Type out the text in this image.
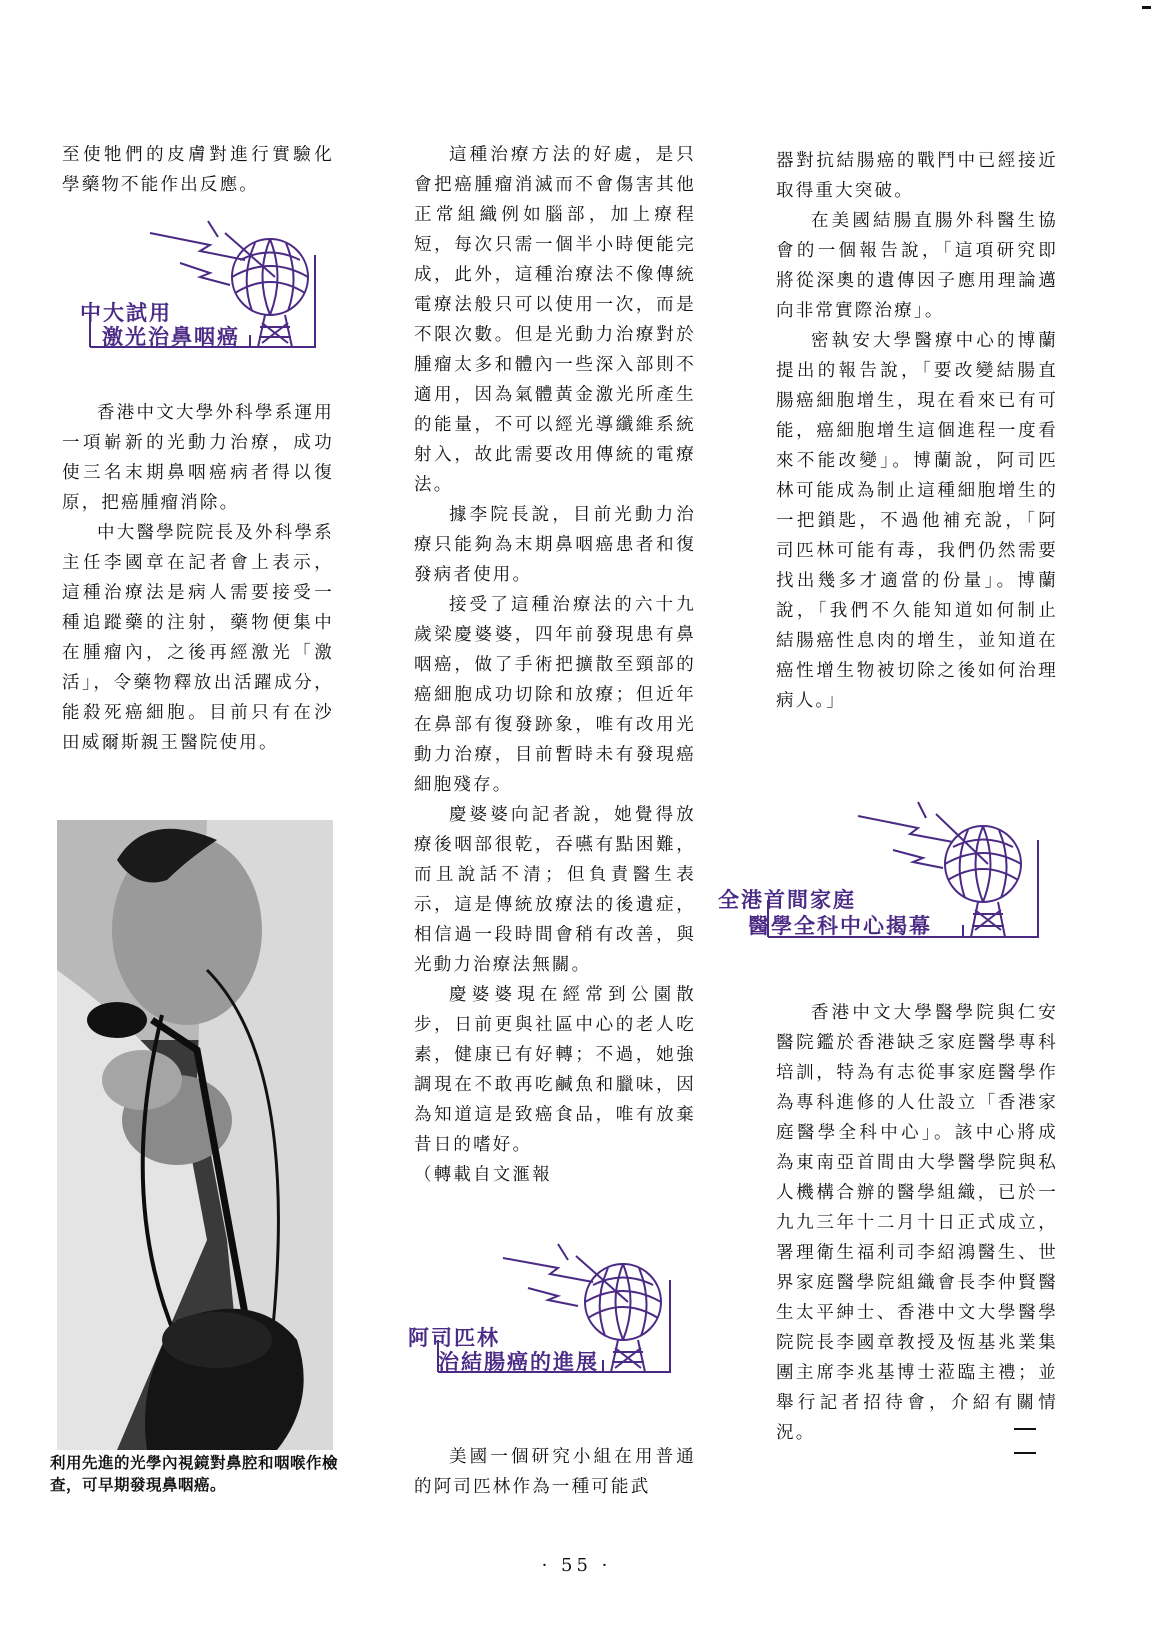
至使牠們的皮膚對進行實驗化學藥物不能作出反應。

中大試用
激光治鼻咽癌

香港中文大學外科學系運用一項嶄新的光動力治療，成功使三名末期鼻咽癌病者得以復原，把癌腫瘤消除。

中大醫學院院長及外科學系主任李國章在記者會上表示，這種治療法是病人需要接受一種追蹤藥的注射，藥物便集中在腫瘤內，之後再經激光「激活」，令藥物釋放出活躍成分，能殺死癌細胞。目前只有在沙田威爾斯親王醫院使用。

利用先進的光學內視鏡對鼻腔和咽喉作檢查，可早期發現鼻咽癌。

這種治療方法的好處，是只會把癌腫瘤消滅而不會傷害其他正常組織例如腦部，加上療程短，每次只需一個半小時便能完成，此外，這種治療法不像傳統電療法般只可以使用一次，而是不限次數。但是光動力治療對於腫瘤太多和體內一些深入部則不適用，因為氣體黃金激光所產生的能量，不可以經光導纖維系統射入，故此需要改用傳統的電療法。

據李院長說，目前光動力治療只能夠為末期鼻咽癌患者和復發病者使用。

接受了這種治療法的六十九歲梁慶婆婆，四年前發現患有鼻咽癌，做了手術把擴散至頸部的癌細胞成功切除和放療；但近年在鼻部有復發跡象，唯有改用光動力治療，目前暫時未有發現癌細胞殘存。

慶婆婆向記者說，她覺得放療後咽部很乾，吞嚥有點困難，而且說話不清；但負責醫生表示，這是傳統放療法的後遺症，相信過一段時間會稍有改善，與光動力治療法無關。

慶婆婆現在經常到公園散步，日前更與社區中心的老人吃素，健康已有好轉；不過，她強調現在不敢再吃鹹魚和臘味，因為知道這是致癌食品，唯有放棄昔日的嗜好。

（轉載自文滙報

阿司匹林
治結腸癌的進展

美國一個研究小組在用普通的阿司匹林作為一種可能武

器對抗結腸癌的戰鬥中已經接近取得重大突破。

在美國結腸直腸外科醫生協會的一個報告說，「這項研究即將從深奧的遺傳因子應用理論邁向非常實際治療」。

密執安大學醫療中心的博蘭提出的報告說，「要改變結腸直腸癌細胞增生，現在看來已有可能，癌細胞增生這個進程一度看來不能改變」。博蘭說，阿司匹林可能成為制止這種細胞增生的一把鎖匙，不過他補充說，「阿司匹林可能有毒，我們仍然需要找出幾多才適當的份量」。博蘭說，「我們不久能知道如何制止結腸癌性息肉的增生，並知道在癌性增生物被切除之後如何治理病人。」

全港首間家庭
醫學全科中心揭幕

香港中文大學醫學院與仁安醫院鑑於香港缺乏家庭醫學專科培訓，特為有志從事家庭醫學作為專科進修的人仕設立「香港家庭醫學全科中心」。該中心將成為東南亞首間由大學醫學院與私人機構合辦的醫學組織，已於一九九三年十二月十日正式成立，署理衛生福利司李紹鴻醫生、世界家庭醫學院組織會長李仲賢醫生太平紳士、香港中文大學醫學院院長李國章教授及恆基兆業集團主席李兆基博士蒞臨主禮；並舉行記者招待會，介紹有關情況。

· 55 ·
